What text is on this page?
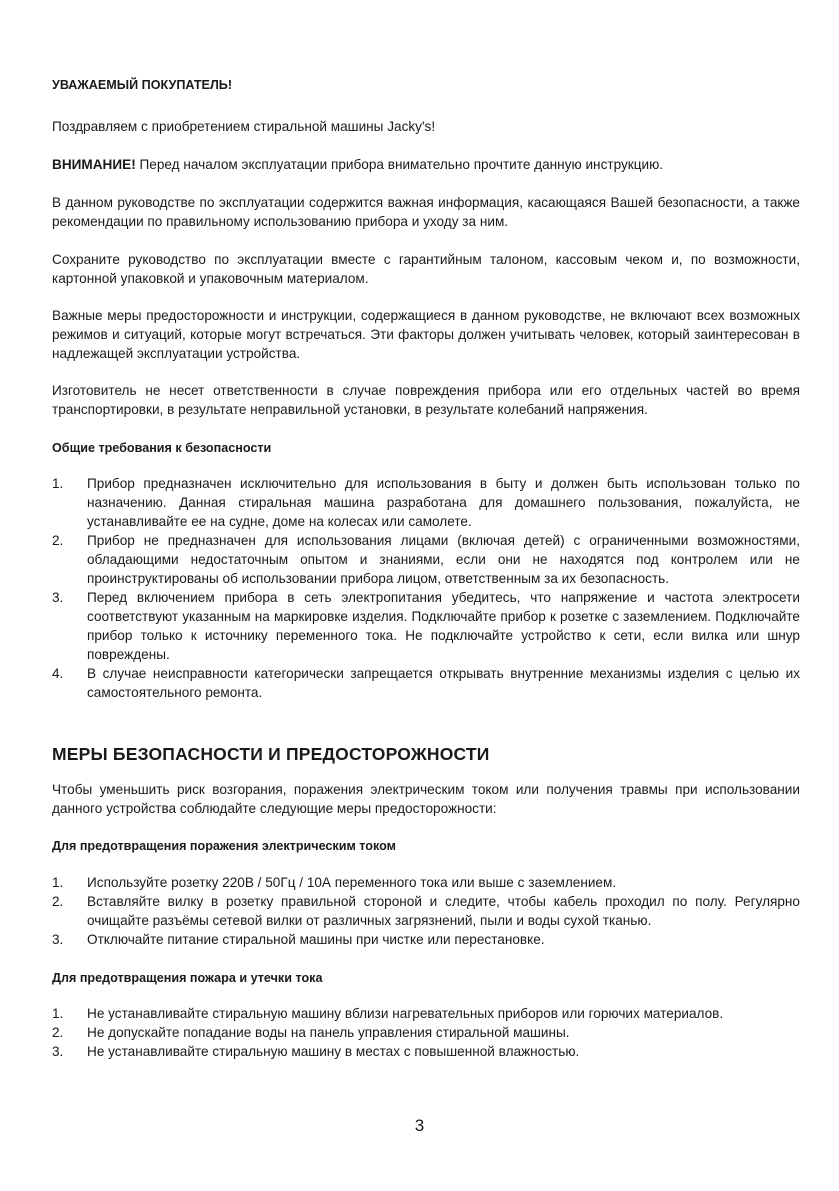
УВАЖАЕМЫЙ ПОКУПАТЕЛЬ!

Поздравляем с приобретением стиральной машины Jacky's!

ВНИМАНИЕ! Перед началом эксплуатации прибора внимательно прочтите данную инструкцию.

В данном руководстве по эксплуатации содержится важная информация, касающаяся Вашей безопасности, а также рекомендации по правильному использованию прибора и уходу за ним.

Сохраните руководство по эксплуатации вместе с гарантийным талоном, кассовым чеком и, по возможности, картонной упаковкой и упаковочным материалом.

Важные меры предосторожности и инструкции, содержащиеся в данном руководстве, не включают всех возможных режимов и ситуаций, которые могут встречаться. Эти факторы должен учитывать человек, который заинтересован в надлежащей эксплуатации устройства.

Изготовитель не несет ответственности в случае повреждения прибора или его отдельных частей во время транспортировки, в результате неправильной установки, в результате колебаний напряжения.

Общие требования к безопасности

1. Прибор предназначен исключительно для использования в быту и должен быть использован только по назначению. Данная стиральная машина разработана для домашнего пользования, пожалуйста, не устанавливайте ее на судне, доме на колесах или самолете.
2. Прибор не предназначен для использования лицами (включая детей) с ограниченными возможностями, обладающими недостаточным опытом и знаниями, если они не находятся под контролем или не проинструктированы об использовании прибора лицом, ответственным за их безопасность.
3. Перед включением прибора в сеть электропитания убедитесь, что напряжение и частота электросети соответствуют указанным на маркировке изделия. Подключайте прибор к розетке с заземлением. Подключайте прибор только к источнику переменного тока. Не подключайте устройство к сети, если вилка или шнур повреждены.
4. В случае неисправности категорически запрещается открывать внутренние механизмы изделия с целью их самостоятельного ремонта.

МЕРЫ БЕЗОПАСНОСТИ И ПРЕДОСТОРОЖНОСТИ

Чтобы уменьшить риск возгорания, поражения электрическим током или получения травмы при использовании данного устройства соблюдайте следующие меры предосторожности:

Для предотвращения поражения электрическим током

1. Используйте розетку 220В / 50Гц / 10А переменного тока или выше с заземлением.
2. Вставляйте вилку в розетку правильной стороной и следите, чтобы кабель проходил по полу. Регулярно очищайте разъёмы сетевой вилки от различных загрязнений, пыли и воды сухой тканью.
3. Отключайте питание стиральной машины при чистке или перестановке.

Для предотвращения пожара и утечки тока

1. Не устанавливайте стиральную машину вблизи нагревательных приборов или горючих материалов.
2. Не допускайте попадание воды на панель управления стиральной машины.
3. Не устанавливайте стиральную машину в местах с повышенной влажностью.
3
